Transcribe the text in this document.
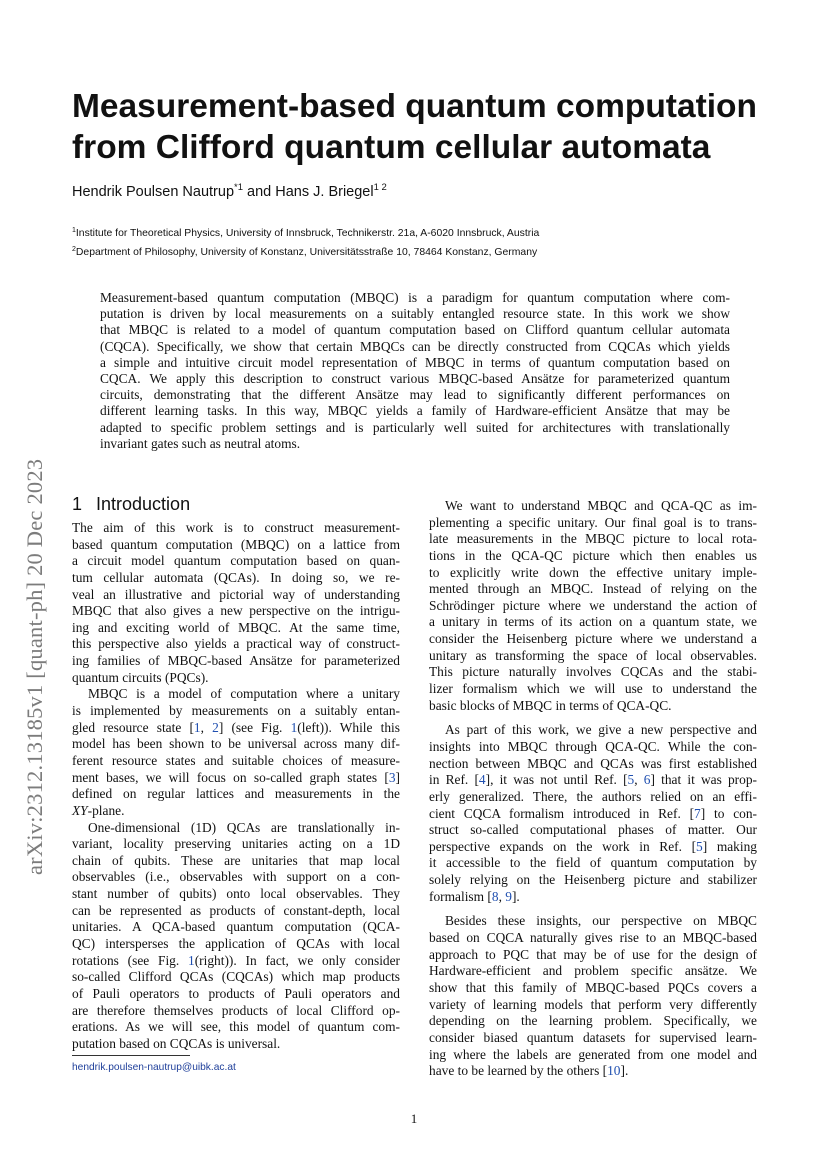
arXiv:2312.13185v1 [quant-ph] 20 Dec 2023
Measurement-based quantum computation
from Clifford quantum cellular automata
Hendrik Poulsen Nautrup$^{*1}$ and Hans J. Briegel$^{1 2}$
$^1$Institute for Theoretical Physics, University of Innsbruck, Technikerstr. 21a, A-6020 Innsbruck, Austria
$^2$Department of Philosophy, University of Konstanz, Universitätsstraße 10, 78464 Konstanz, Germany
Measurement-based quantum computation (MBQC) is a paradigm for quantum computation where com-
putation is driven by local measurements on a suitably entangled resource state. In this work we show
that MBQC is related to a model of quantum computation based on Clifford quantum cellular automata
(CQCA). Specifically, we show that certain MBQCs can be directly constructed from CQCAs which yields
a simple and intuitive circuit model representation of MBQC in terms of quantum computation based on
CQCA. We apply this description to construct various MBQC-based Ansätze for parameterized quantum
circuits, demonstrating that the different Ansätze may lead to significantly different performances on
different learning tasks. In this way, MBQC yields a family of Hardware-efficient Ansätze that may be
adapted to specific problem settings and is particularly well suited for architectures with translationally
invariant gates such as neutral atoms.
1 Introduction
The aim of this work is to construct measurement-
based quantum computation (MBQC) on a lattice from
a circuit model quantum computation based on quan-
tum cellular automata (QCAs). In doing so, we re-
veal an illustrative and pictorial way of understanding
MBQC that also gives a new perspective on the intrigu-
ing and exciting world of MBQC. At the same time,
this perspective also yields a practical way of construct-
ing families of MBQC-based Ansätze for parameterized
quantum circuits (PQCs).
MBQC is a model of computation where a unitary
is implemented by measurements on a suitably entan-
gled resource state [1, 2] (see Fig. 1(left)). While this
model has been shown to be universal across many dif-
ferent resource states and suitable choices of measure-
ment bases, we will focus on so-called graph states [3]
defined on regular lattices and measurements in the
XY-plane.
One-dimensional (1D) QCAs are translationally in-
variant, locality preserving unitaries acting on a 1D
chain of qubits. These are unitaries that map local
observables (i.e., observables with support on a con-
stant number of qubits) onto local observables. They
can be represented as products of constant-depth, local
unitaries. A QCA-based quantum computation (QCA-
QC) intersperses the application of QCAs with local
rotations (see Fig. 1(right)). In fact, we only consider
so-called Clifford QCAs (CQCAs) which map products
of Pauli operators to products of Pauli operators and
are therefore themselves products of local Clifford op-
erations. As we will see, this model of quantum com-
putation based on CQCAs is universal.
We want to understand MBQC and QCA-QC as im-
plementing a specific unitary. Our final goal is to trans-
late measurements in the MBQC picture to local rota-
tions in the QCA-QC picture which then enables us
to explicitly write down the effective unitary imple-
mented through an MBQC. Instead of relying on the
Schrödinger picture where we understand the action of
a unitary in terms of its action on a quantum state, we
consider the Heisenberg picture where we understand a
unitary as transforming the space of local observables.
This picture naturally involves CQCAs and the stabi-
lizer formalism which we will use to understand the
basic blocks of MBQC in terms of QCA-QC.
As part of this work, we give a new perspective and
insights into MBQC through QCA-QC. While the con-
nection between MBQC and QCAs was first established
in Ref. [4], it was not until Ref. [5, 6] that it was prop-
erly generalized. There, the authors relied on an effi-
cient CQCA formalism introduced in Ref. [7] to con-
struct so-called computational phases of matter. Our
perspective expands on the work in Ref. [5] making
it accessible to the field of quantum computation by
solely relying on the Heisenberg picture and stabilizer
formalism [8, 9].
Besides these insights, our perspective on MBQC
based on CQCA naturally gives rise to an MBQC-based
approach to PQC that may be of use for the design of
Hardware-efficient and problem specific ansätze. We
show that this family of MBQC-based PQCs covers a
variety of learning models that perform very differently
depending on the learning problem. Specifically, we
consider biased quantum datasets for supervised learn-
ing where the labels are generated from one model and
have to be learned by the others [10].
hendrik.poulsen-nautrup@uibk.ac.at
1
